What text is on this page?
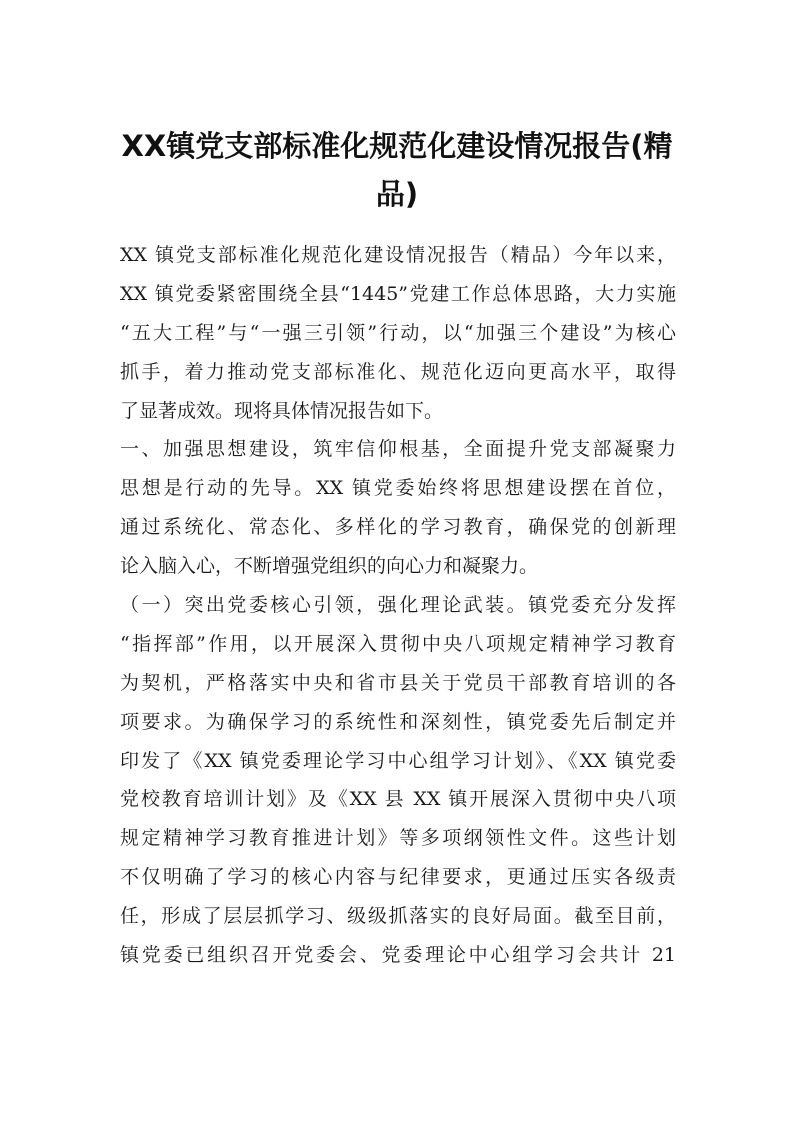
XX镇党支部标准化规范化建设情况报告(精
品)
XX 镇党支部标准化规范化建设情况报告（精品）今年以来，
XX 镇党委紧密围绕全县“1445”党建工作总体思路，大力实施
“五大工程”与“一强三引领”行动，以“加强三个建设”为核心
抓手，着力推动党支部标准化、规范化迈向更高水平，取得
了显著成效。现将具体情况报告如下。
一、加强思想建设，筑牢信仰根基，全面提升党支部凝聚力
思想是行动的先导。XX 镇党委始终将思想建设摆在首位，
通过系统化、常态化、多样化的学习教育，确保党的创新理
论入脑入心，不断增强党组织的向心力和凝聚力。
（一）突出党委核心引领，强化理论武装。镇党委充分发挥
“指挥部”作用，以开展深入贯彻中央八项规定精神学习教育
为契机，严格落实中央和省市县关于党员干部教育培训的各
项要求。为确保学习的系统性和深刻性，镇党委先后制定并
印发了《XX 镇党委理论学习中心组学习计划》、《XX 镇党委
党校教育培训计划》及《XX 县 XX 镇开展深入贯彻中央八项
规定精神学习教育推进计划》等多项纲领性文件。这些计划
不仅明确了学习的核心内容与纪律要求，更通过压实各级责
任，形成了层层抓学习、级级抓落实的良好局面。截至目前，
镇党委已组织召开党委会、党委理论中心组学习会共计 21
